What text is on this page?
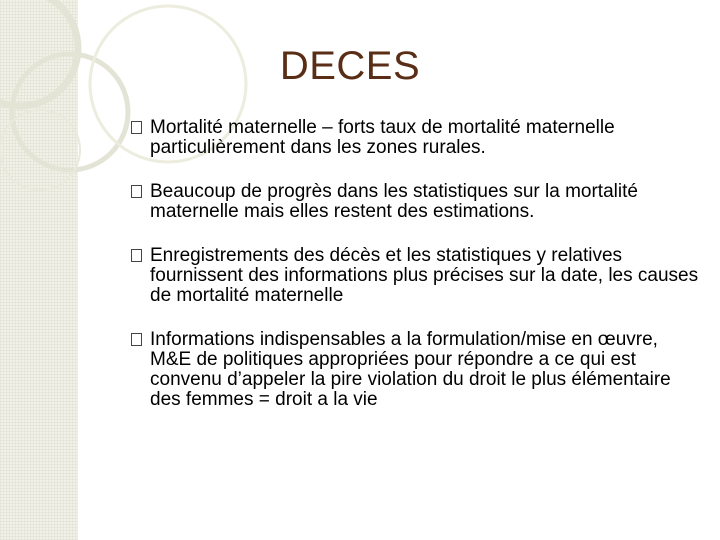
DECES
Mortalité maternelle – forts taux de mortalité maternelle particulièrement dans les zones rurales.
Beaucoup de progrès dans les statistiques sur la mortalité maternelle mais elles restent des estimations.
Enregistrements des décès et les statistiques y relatives fournissent des informations plus précises sur la date, les causes de mortalité maternelle
Informations indispensables a la formulation/mise en œuvre, M&E de politiques appropriées pour répondre a ce qui est convenu d’appeler la pire violation du droit le plus élémentaire des femmes = droit a la vie
